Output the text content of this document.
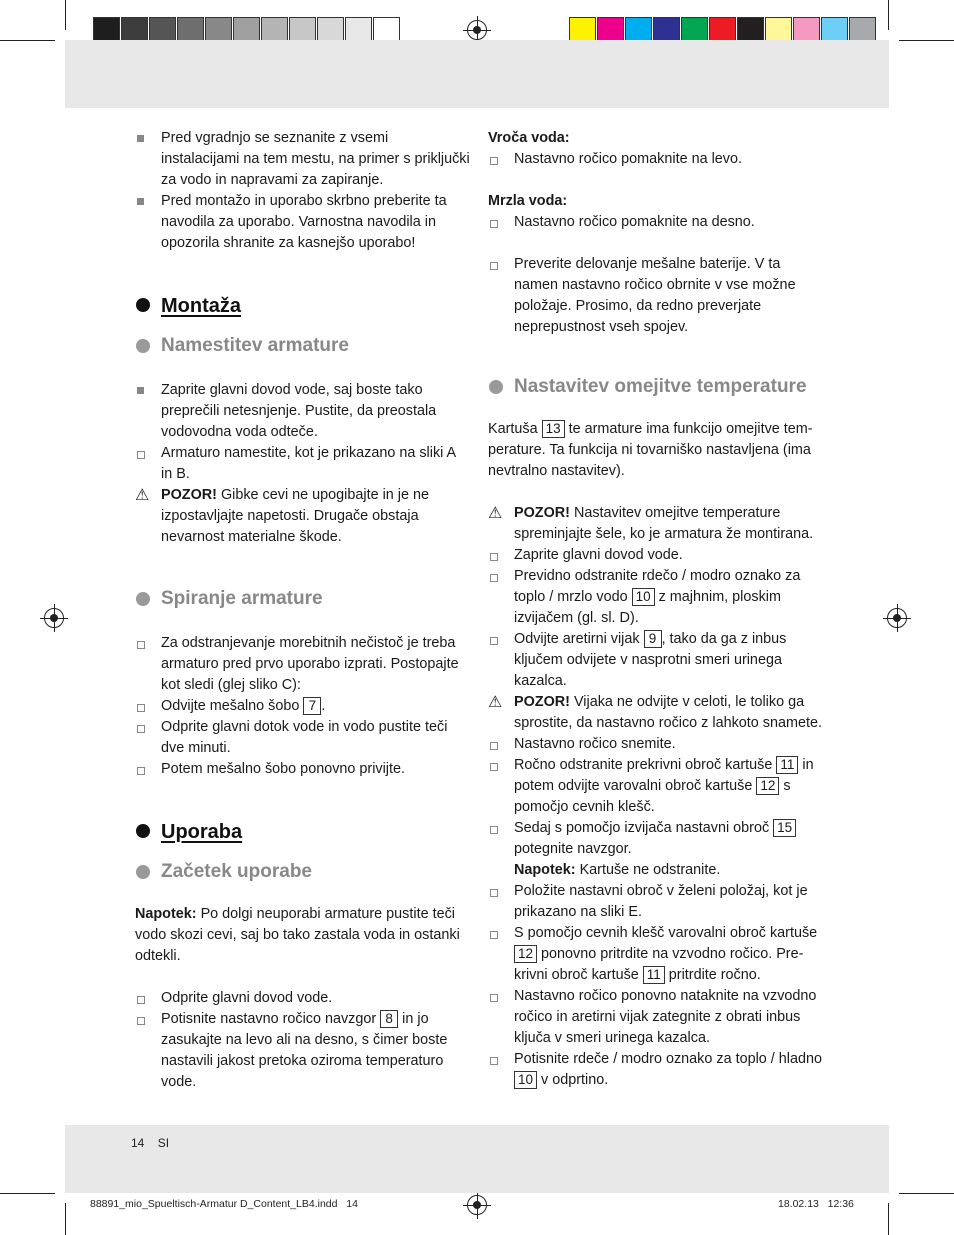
Pred vgradnjo se seznanite z vsemi instalacijami na tem mestu, na primer s priključki za vodo in napravami za zapiranje.
Pred montažo in uporabo skrbno preberite ta navodila za uporabo. Varnostna navodila in opozorila shranite za kasnejšo uporabo!
Montaža
Namestitev armature
Zaprite glavni dovod vode, saj boste tako preprečili netesnjenje. Pustite, da preostala vodovodna voda odteče.
Armaturo namestite, kot je prikazano na sliki A in B.
⚠ POZOR! Gibke cevi ne upogibajte in je ne izpostavljajte napetosti. Drugače obstaja nevarnost materialne škode.
Spiranje armature
Za odstranjevanje morebitnih nečistoč je treba armaturo pred prvo uporabo izprati. Postopajte kot sledi (glej sliko C):
Odvijte mešalno šobo 7 .
Odprite glavni dotok vode in vodo pustite teči dve minuti.
Potem mešalno šobo ponovno privijte.
Uporaba
Začetek uporabe
Napotek: Po dolgi neuporabi armature pustite teči vodo skozi cevi, saj bo tako zastala voda in ostanki odtekli.
Odprite glavni dovod vode.
Potisnite nastavno ročico navzgor 8 in jo zasukajte na levo ali na desno, s čimer boste nastavili jakost pretoka oziroma temperaturo vode.
Vroča voda:
Nastavno ročico pomaknite na levo.
Mrzla voda:
Nastavno ročico pomaknite na desno.
Preverite delovanje mešalne baterije. V ta namen nastavno ročico obrnite v vse možne položaje. Prosimo, da redno preverjate neprepustnost vseh spojev.
Nastavitev omejitve temperature
Kartuša 13 te armature ima funkcijo omejitve tem-perature. Ta funkcija ni tovarniško nastavljena (ima nevtralno nastavitev).
⚠ POZOR! Nastavitev omejitve temperature spreminjajte šele, ko je armatura že montirana.
Zaprite glavni dovod vode.
Previdno odstranite rdečo / modro oznako za toplo / mrzlo vodo 10 z majhnim, ploskim izvijačem (gl. sl. D).
Odvijte aretirni vijak 9 , tako da ga z inbus ključem odvijete v nasprotni smeri urinega kazalca.
⚠ POZOR! Vijaka ne odvijte v celoti, le toliko ga sprostite, da nastavno ročico z lahkoto snamete.
Nastavno ročico snemite.
Ročno odstranite prekrivni obroč kartuše 11 in potem odvijte varovalni obroč kartuše 12 s pomočjo cevnih klešč.
Sedaj s pomočjo izvijača nastavni obroč 15 potegnite navzgor.
Napotek: Kartuše ne odstranite.
Položite nastavni obroč v želeni položaj, kot je prikazano na sliki E.
S pomočjo cevnih klešč varovalni obroč kartuše 12 ponovno pritrdite na vzvodno ročico. Pre-krivni obroč kartuše 11 pritrdite ročno.
Nastavno ročico ponovno nataknite na vzvodno ročico in aretirni vijak zategnite z obrati inbus ključa v smeri urinega kazalca.
Potisnite rdeče / modro oznako za toplo / hladno 10 v odprtino.
14 SI
88891_mio_Spueltisch-Armatur D_Content_LB4.indd   14	18.02.13   12:36
